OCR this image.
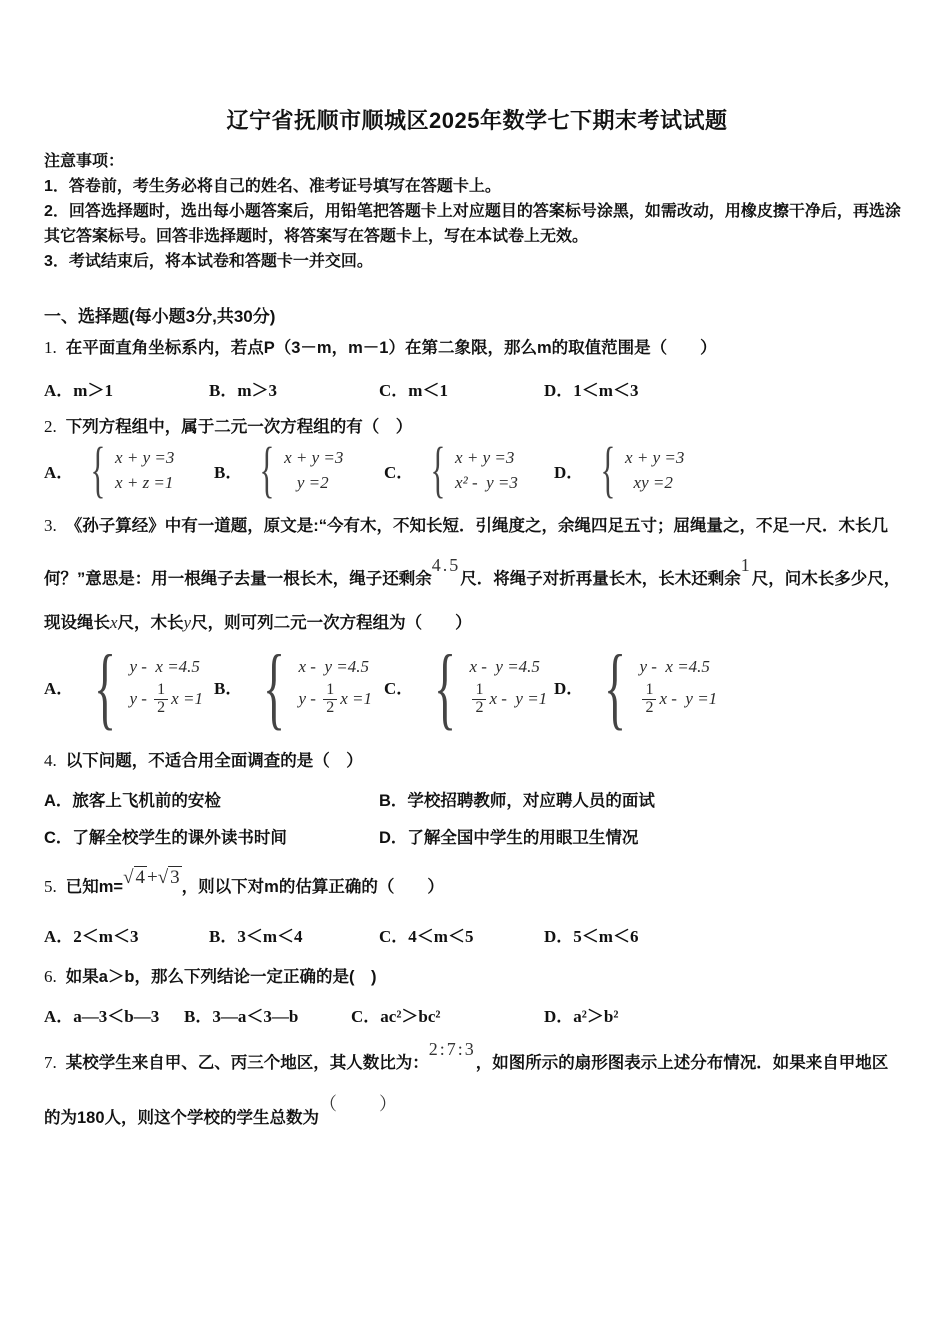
辽宁省抚顺市顺城区2025年数学七下期末考试试题
注意事项：
1．答卷前，考生务必将自己的姓名、准考证号填写在答题卡上。
2．回答选择题时，选出每小题答案后，用铅笔把答题卡上对应题目的答案标号涂黑，如需改动，用橡皮擦干净后，再选涂其它答案标号。回答非选择题时，将答案写在答题卡上，写在本试卷上无效。
3．考试结束后，将本试卷和答题卡一并交回。
一、选择题(每小题3分,共30分)
1. 在平面直角坐标系内，若点P（3－m，m－1）在第二象限，那么m的取值范围是（　　）
A．m＞1	B．m＞3	C．m＜1	D．1＜m＜3
2. 下列方程组中，属于二元一次方程组的有（　）
A． { x + y =3
x + z =1
B． { x + y =3
y =2
C． { x + y =3
x² -  y =3
D． { x + y =3
xy =2
3. 《孙子算经》中有一道题，原文是:“今有木，不知长短．引绳度之，余绳四足五寸；屈绳量之，不足一尺．木长几
何？”意思是：用一根绳子去量一根长木，绳子还剩余4.5尺．将绳子对折再量长木，长木还剩余1尺，问木长多少尺，
现设绳长x尺，木长y尺，则可列二元一次方程组为（　　）
A． { y -  x =4.5
y - $\frac{1}{2}$ x =1
B． { x -  y =4.5
y - $\frac{1}{2}$ x =1
C． { x -  y =4.5
$\frac{1}{2}$ x -  y =1
D． { y -  x =4.5
$\frac{1}{2}$ x -  y =1
4. 以下问题，不适合用全面调查的是（　）
A．旅客上飞机前的安检	B．学校招聘教师，对应聘人员的面试
C．了解全校学生的课外读书时间	D．了解全国中学生的用眼卫生情况
5. 已知m=√ 4 +√ 3 ，则以下对m的估算正确的（　　）
A．2＜m＜3	B．3＜m＜4	C．4＜m＜5	D．5＜m＜6
6. 如果a＞b，那么下列结论一定正确的是(　)
A．a—3＜b—3	B．3—a＜3—b	C．ac²＞bc²	D．a²＞b²
7. 某校学生来自甲、乙、丙三个地区，其人数比为：2:7:3，如图所示的扇形图表示上述分布情况．如果来自甲地区
的为180人，则这个学校的学生总数为（　　）
